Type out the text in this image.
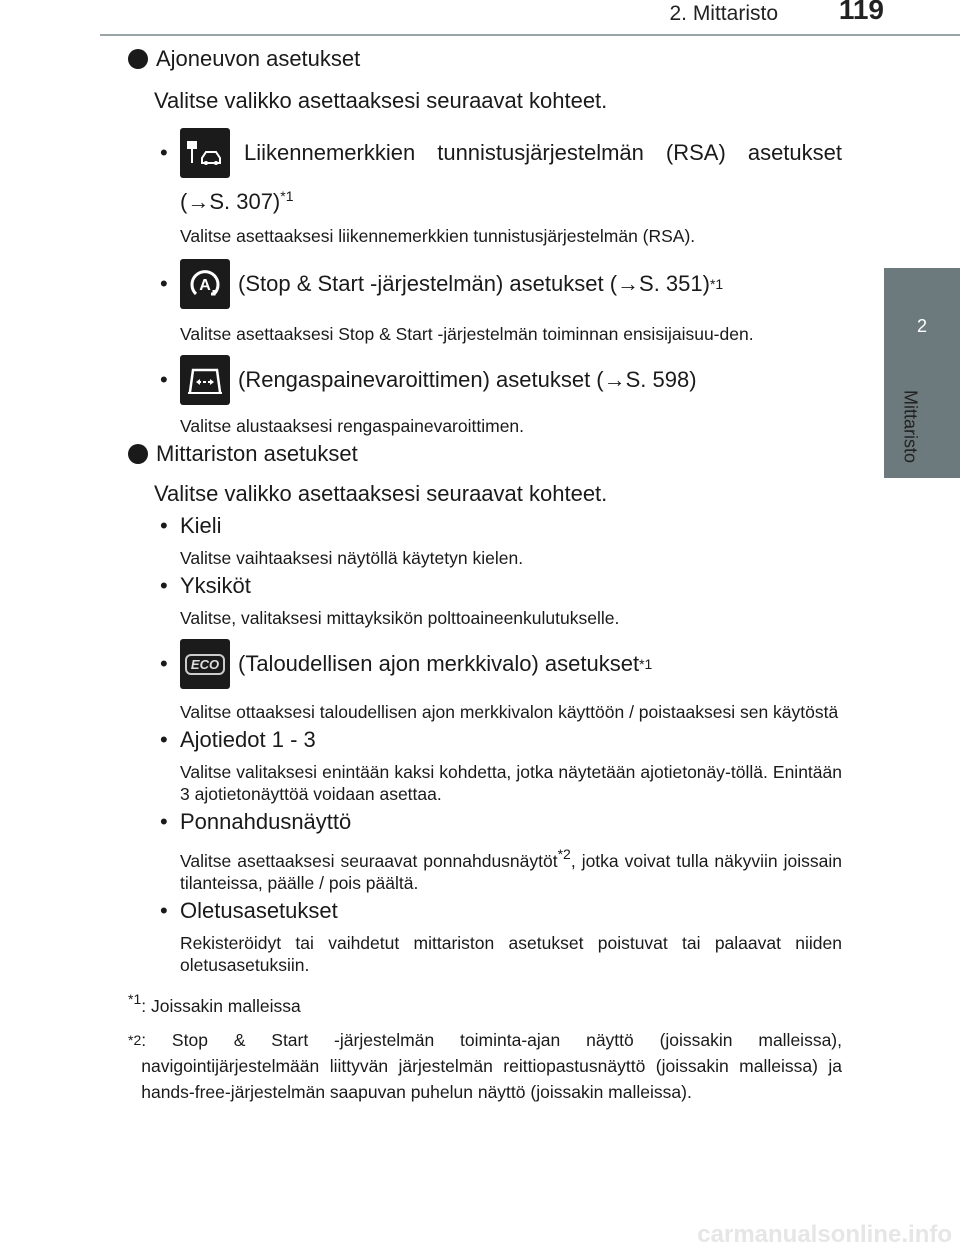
2. Mittaristo 119
2
Mittaristo
Ajoneuvon asetukset
Valitse valikko asettaaksesi seuraavat kohteet.
•	Liikennemerkkien tunnistusjärjestelmän (RSA) asetukset
(→S. 307)$^{*1}$
Valitse asettaaksesi liikennemerkkien tunnistusjärjestelmän (RSA).
•	A (Stop & Start -järjestelmän) asetukset (→S. 351) *1
Valitse asettaaksesi Stop & Start -järjestelmän toiminnan ensisijaisuu-den.
•	(Rengaspainevaroittimen) asetukset (→S. 598)
Valitse alustaaksesi rengaspainevaroittimen.
Mittariston asetukset
Valitse valikko asettaaksesi seuraavat kohteet.
• Kieli
Valitse vaihtaaksesi näytöllä käytetyn kielen.
• Yksiköt
Valitse, valitaksesi mittayksikön polttoaineenkulutukselle.
•	ECO (Taloudellisen ajon merkkivalo) asetukset *1
Valitse ottaaksesi taloudellisen ajon merkkivalon käyttöön / poistaaksesi sen käytöstä
• Ajotiedot 1 - 3
Valitse valitaksesi enintään kaksi kohdetta, jotka näytetään ajotietonäy-töllä. Enintään 3 ajotietonäyttöä voidaan asettaa.
• Ponnahdusnäyttö
Valitse asettaaksesi seuraavat ponnahdusnäytöt$^{*2}$, jotka voivat tulla näkyviin joissain tilanteissa, päälle / pois päältä.
• Oletusasetukset
Rekisteröidyt tai vaihdetut mittariston asetukset poistuvat tai palaavat niiden oletusasetuksiin.
$^{*1}$: Joissakin malleissa
*2 : Stop & Start -järjestelmän toiminta-ajan näyttö (joissakin malleissa), navigointijärjestelmään liittyvän järjestelmän reittiopastusnäyttö (joissakin malleissa) ja hands-free-järjestelmän saapuvan puhelun näyttö (joissakin malleissa).
carmanualsonline.info
